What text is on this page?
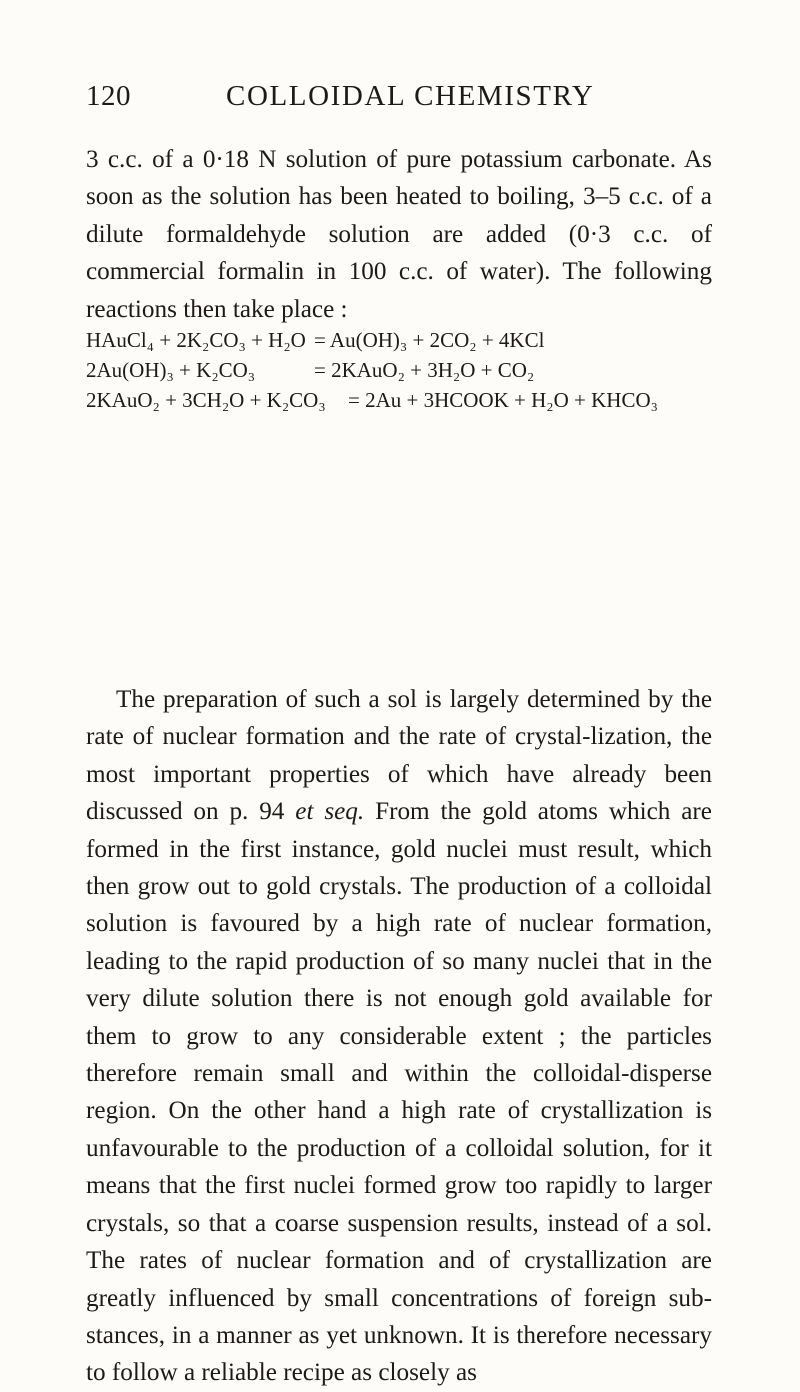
120	COLLOIDAL CHEMISTRY

3 c.c. of a 0·18 N solution of pure potassium carbonate. As soon as the solution has been heated to boiling, 3–5 c.c. of a dilute formaldehyde solution are added (0·3 c.c. of commercial formalin in 100 c.c. of water). The following reactions then take place :

HAuCl₄ + 2K₂CO₃ + H₂O = Au(OH)₃ + 2CO₂ + 4KCl
2Au(OH)₃ + K₂CO₃	= 2KAuO₂ + 3H₂O + CO₂
2KAuO₂ + 3CH₂O + K₂CO₃ = 2Au + 3HCOOK + H₂O + KHCO₃

The preparation of such a sol is largely determined by the rate of nuclear formation and the rate of crystal-lization, the most important properties of which have already been discussed on p. 94 et seq. From the gold atoms which are formed in the first instance, gold nuclei must result, which then grow out to gold crystals. The production of a colloidal solution is favoured by a high rate of nuclear formation, leading to the rapid production of so many nuclei that in the very dilute solution there is not enough gold available for them to grow to any considerable extent ; the particles therefore remain small and within the colloidal-disperse region. On the other hand a high rate of crystallization is unfavourable to the production of a colloidal solution, for it means that the first nuclei formed grow too rapidly to larger crystals, so that a coarse suspension results, instead of a sol. The rates of nuclear formation and of crystallization are greatly influenced by small concentrations of foreign sub-stances, in a manner as yet unknown. It is therefore necessary to follow a reliable recipe as closely as
